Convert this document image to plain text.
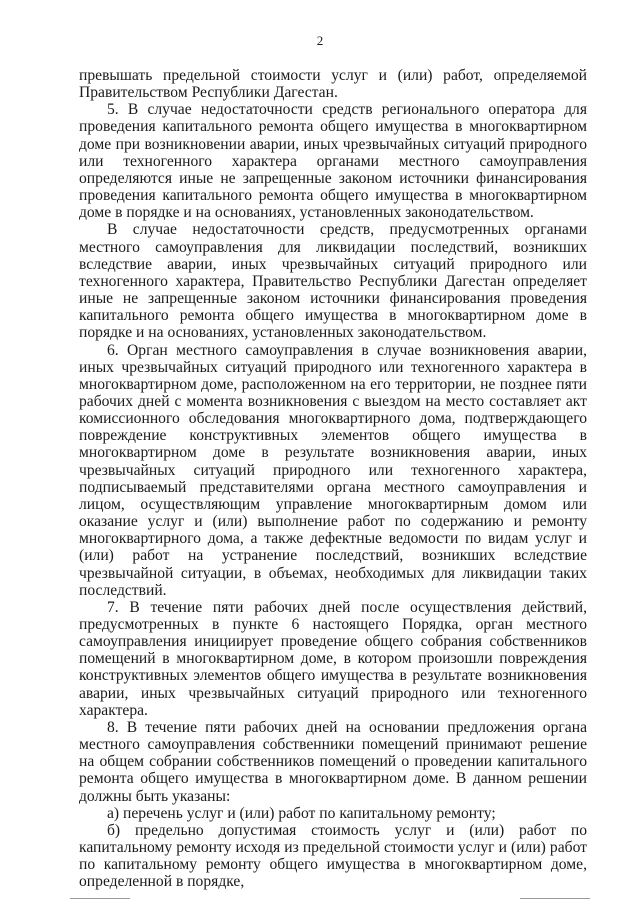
2

превышать предельной стоимости услуг и (или) работ, определяемой Правительством Республики Дагестан.

5. В случае недостаточности средств регионального оператора для проведения капитального ремонта общего имущества в многоквартирном доме при возникновении аварии, иных чрезвычайных ситуаций природного или техногенного характера органами местного самоуправления определяются иные не запрещенные законом источники финансирования проведения капитального ремонта общего имущества в многоквартирном доме в порядке и на основаниях, установленных законодательством.

В случае недостаточности средств, предусмотренных органами местного самоуправления для ликвидации последствий, возникших вследствие аварии, иных чрезвычайных ситуаций природного или техногенного характера, Правительство Республики Дагестан определяет иные не запрещенные законом источники финансирования проведения капитального ремонта общего имущества в многоквартирном доме в порядке и на основаниях, установленных законодательством.

6. Орган местного самоуправления в случае возникновения аварии, иных чрезвычайных ситуаций природного или техногенного характера в многоквартирном доме, расположенном на его территории, не позднее пяти рабочих дней с момента возникновения с выездом на место составляет акт комиссионного обследования многоквартирного дома, подтверждающего повреждение конструктивных элементов общего имущества в многоквартирном доме в результате возникновения аварии, иных чрезвычайных ситуаций природного или техногенного характера, подписываемый представителями органа местного самоуправления и лицом, осуществляющим управление многоквартирным домом или оказание услуг и (или) выполнение работ по содержанию и ремонту многоквартирного дома, а также дефектные ведомости по видам услуг и (или) работ на устранение последствий, возникших вследствие чрезвычайной ситуации, в объемах, необходимых для ликвидации таких последствий.

7. В течение пяти рабочих дней после осуществления действий, предусмотренных в пункте 6 настоящего Порядка, орган местного самоуправления инициирует проведение общего собрания собственников помещений в многоквартирном доме, в котором произошли повреждения конструктивных элементов общего имущества в результате возникновения аварии, иных чрезвычайных ситуаций природного или техногенного характера.

8. В течение пяти рабочих дней на основании предложения органа местного самоуправления собственники помещений принимают решение на общем собрании собственников помещений о проведении капитального ремонта общего имущества в многоквартирном доме. В данном решении должны быть указаны:

а) перечень услуг и (или) работ по капитальному ремонту;

б) предельно допустимая стоимость услуг и (или) работ по капитальному ремонту исходя из предельной стоимости услуг и (или) работ по капитальному ремонту общего имущества в многоквартирном доме, определенной в порядке,
